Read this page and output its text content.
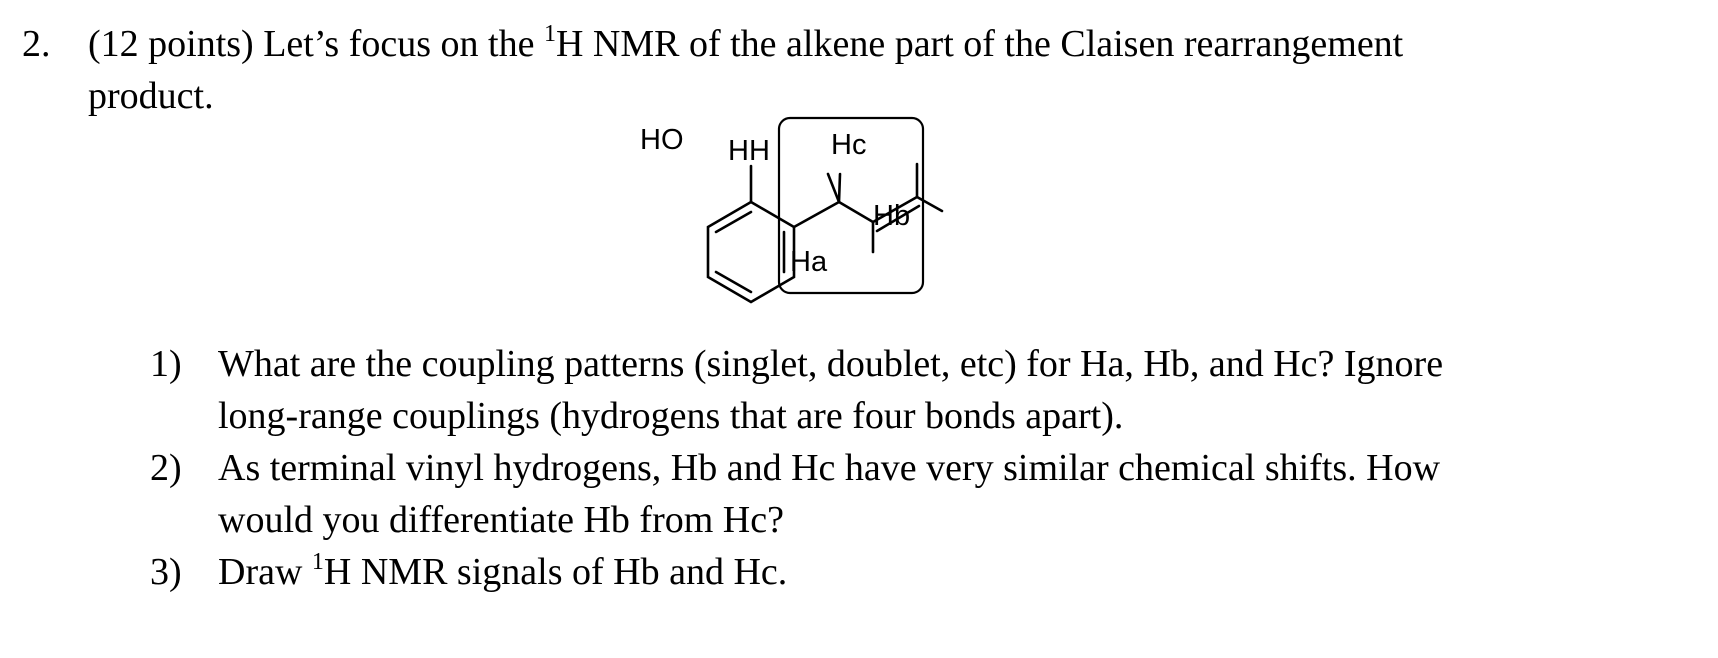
2. (12 points) Let’s focus on the $^1$H NMR of the alkene part of the Claisen rearrangement
product.
HO HH Hc
Hb
Ha
1) What are the coupling patterns (singlet, doublet, etc) for Ha, Hb, and Hc? Ignore
long-range couplings (hydrogens that are four bonds apart).
2) As terminal vinyl hydrogens, Hb and Hc have very similar chemical shifts. How
would you differentiate Hb from Hc?
3) Draw $^1$H NMR signals of Hb and Hc.
